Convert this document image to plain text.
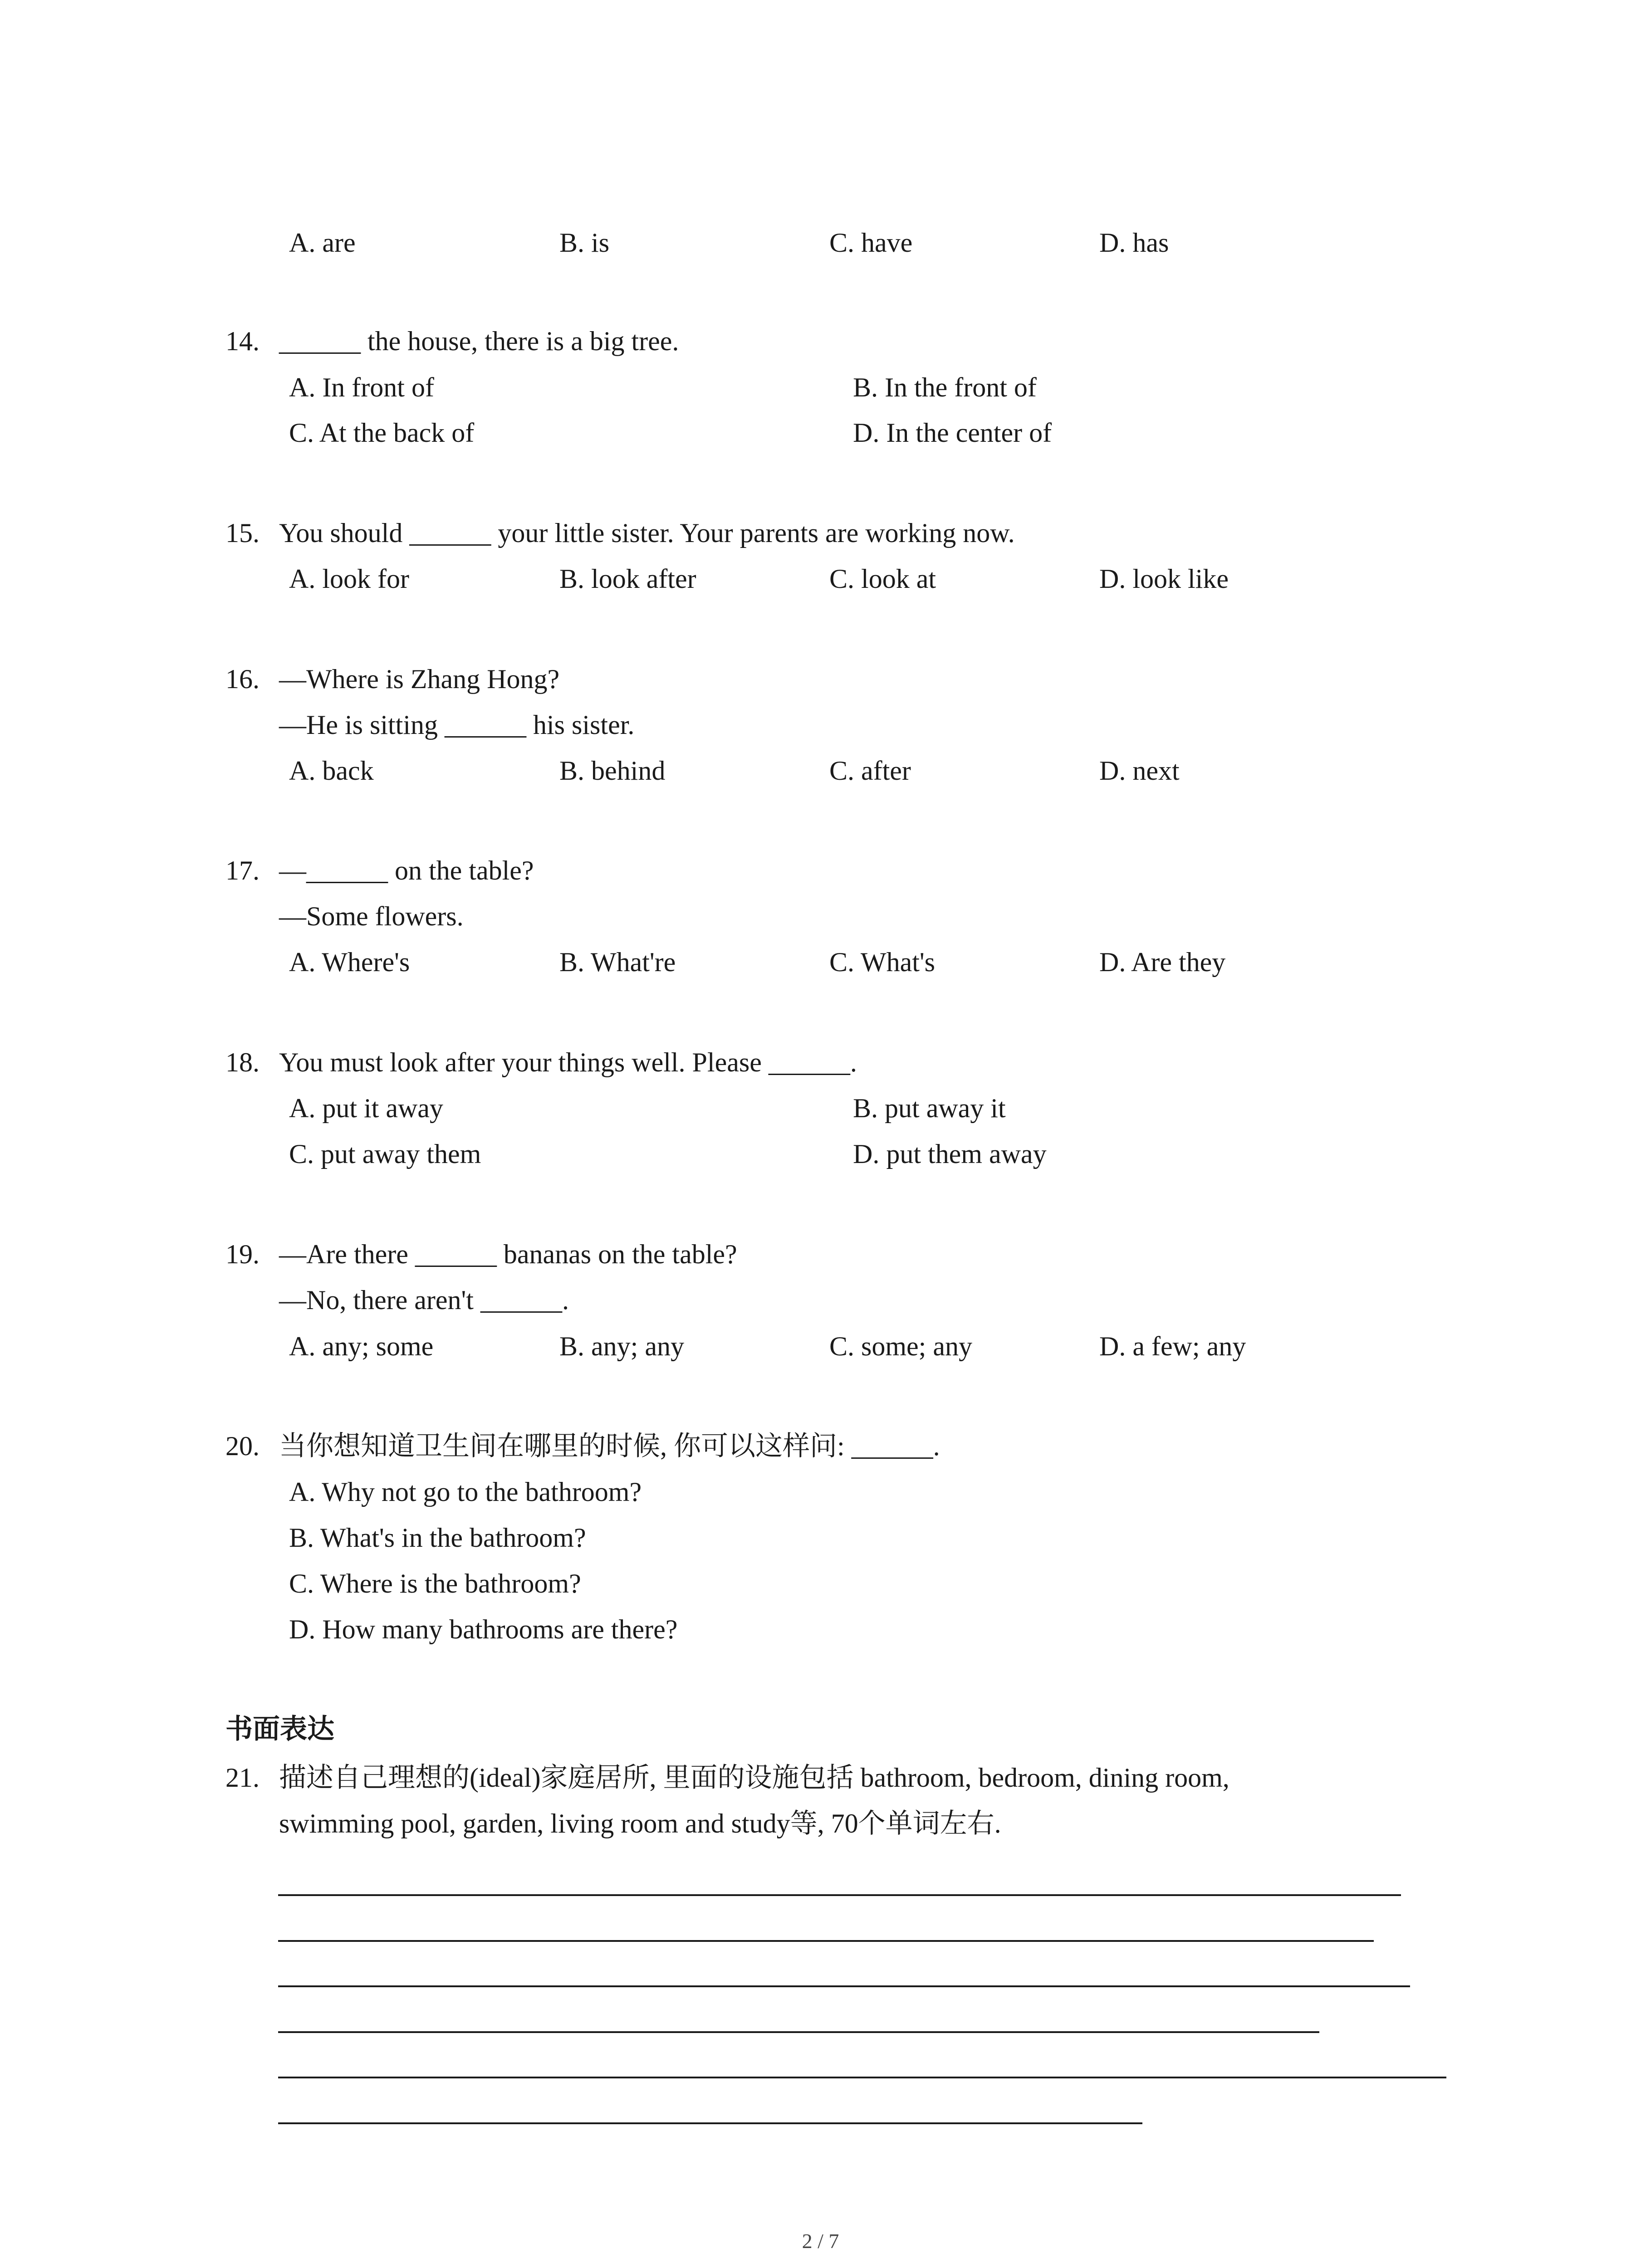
A. are	B. is	C. have	D. has
14. ______ the house, there is a big tree.
A. In front of	B. In the front of
C. At the back of	D. In the center of
15. You should ______ your little sister. Your parents are working now.
A. look for	B. look after	C. look at	D. look like
16. —Where is Zhang Hong?
—He is sitting ______ his sister.
A. back	B. behind	C. after	D. next
17. —______ on the table?
—Some flowers.
A. Where's	B. What're	C. What's	D. Are they
18. You must look after your things well. Please ______.
A. put it away	B. put away it
C. put away them	D. put them away
19. —Are there ______ bananas on the table?
—No, there aren't ______.
A. any; some	B. any; any	C. some; any	D. a few; any
20. 当你想知道卫生间在哪里的时候, 你可以这样问: ______.
A. Why not go to the bathroom?
B. What's in the bathroom?
C. Where is the bathroom?
D. How many bathrooms are there?
书面表达
21. 描述自己理想的(ideal)家庭居所, 里面的设施包括 bathroom, bedroom, dining room,
swimming pool, garden, living room and study等, 70个单词左右.
2 / 7
